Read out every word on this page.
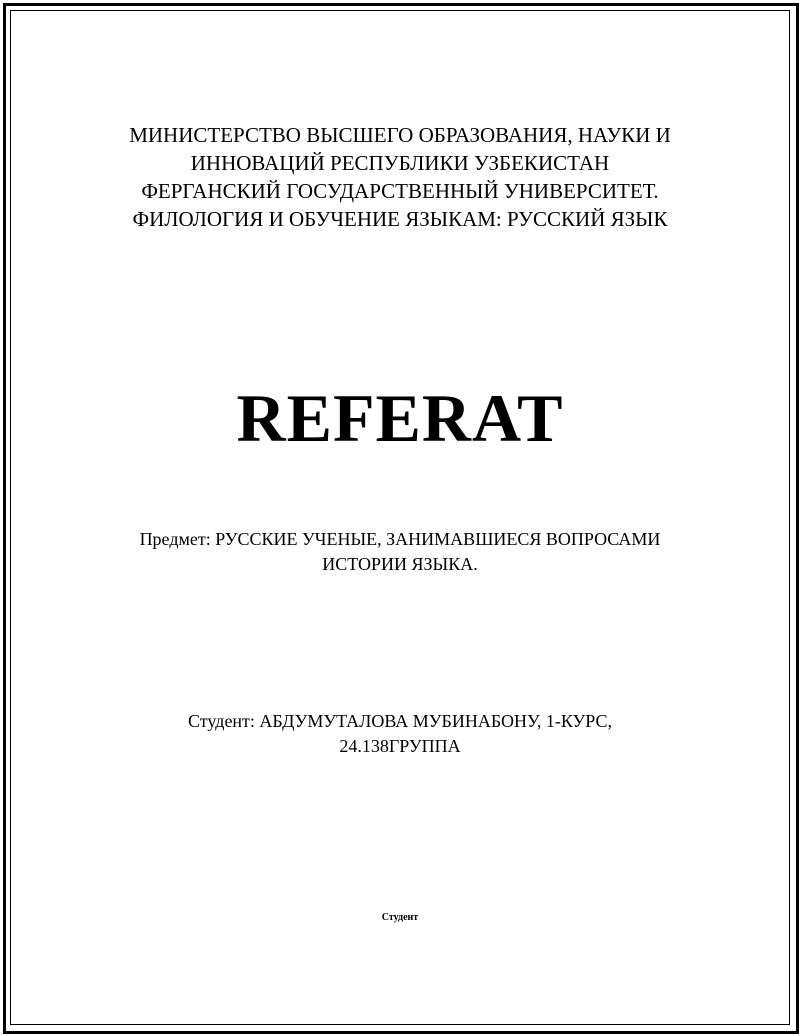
МИНИСТЕРСТВО ВЫСШЕГО ОБРАЗОВАНИЯ, НАУКИ И
ИННОВАЦИЙ РЕСПУБЛИКИ УЗБЕКИСТАН
ФЕРГАНСКИЙ ГОСУДАРСТВЕННЫЙ УНИВЕРСИТЕТ.
ФИЛОЛОГИЯ И ОБУЧЕНИЕ ЯЗЫКАМ: РУССКИЙ ЯЗЫК
REFERAT
Предмет: РУССКИЕ УЧЕНЫЕ, ЗАНИМАВШИЕСЯ ВОПРОСАМИ
ИСТОРИИ ЯЗЫКА.
Студент: АБДУМУТАЛОВА МУБИНАБОНУ, 1-КУРС,
24.138ГРУППА
Студент
